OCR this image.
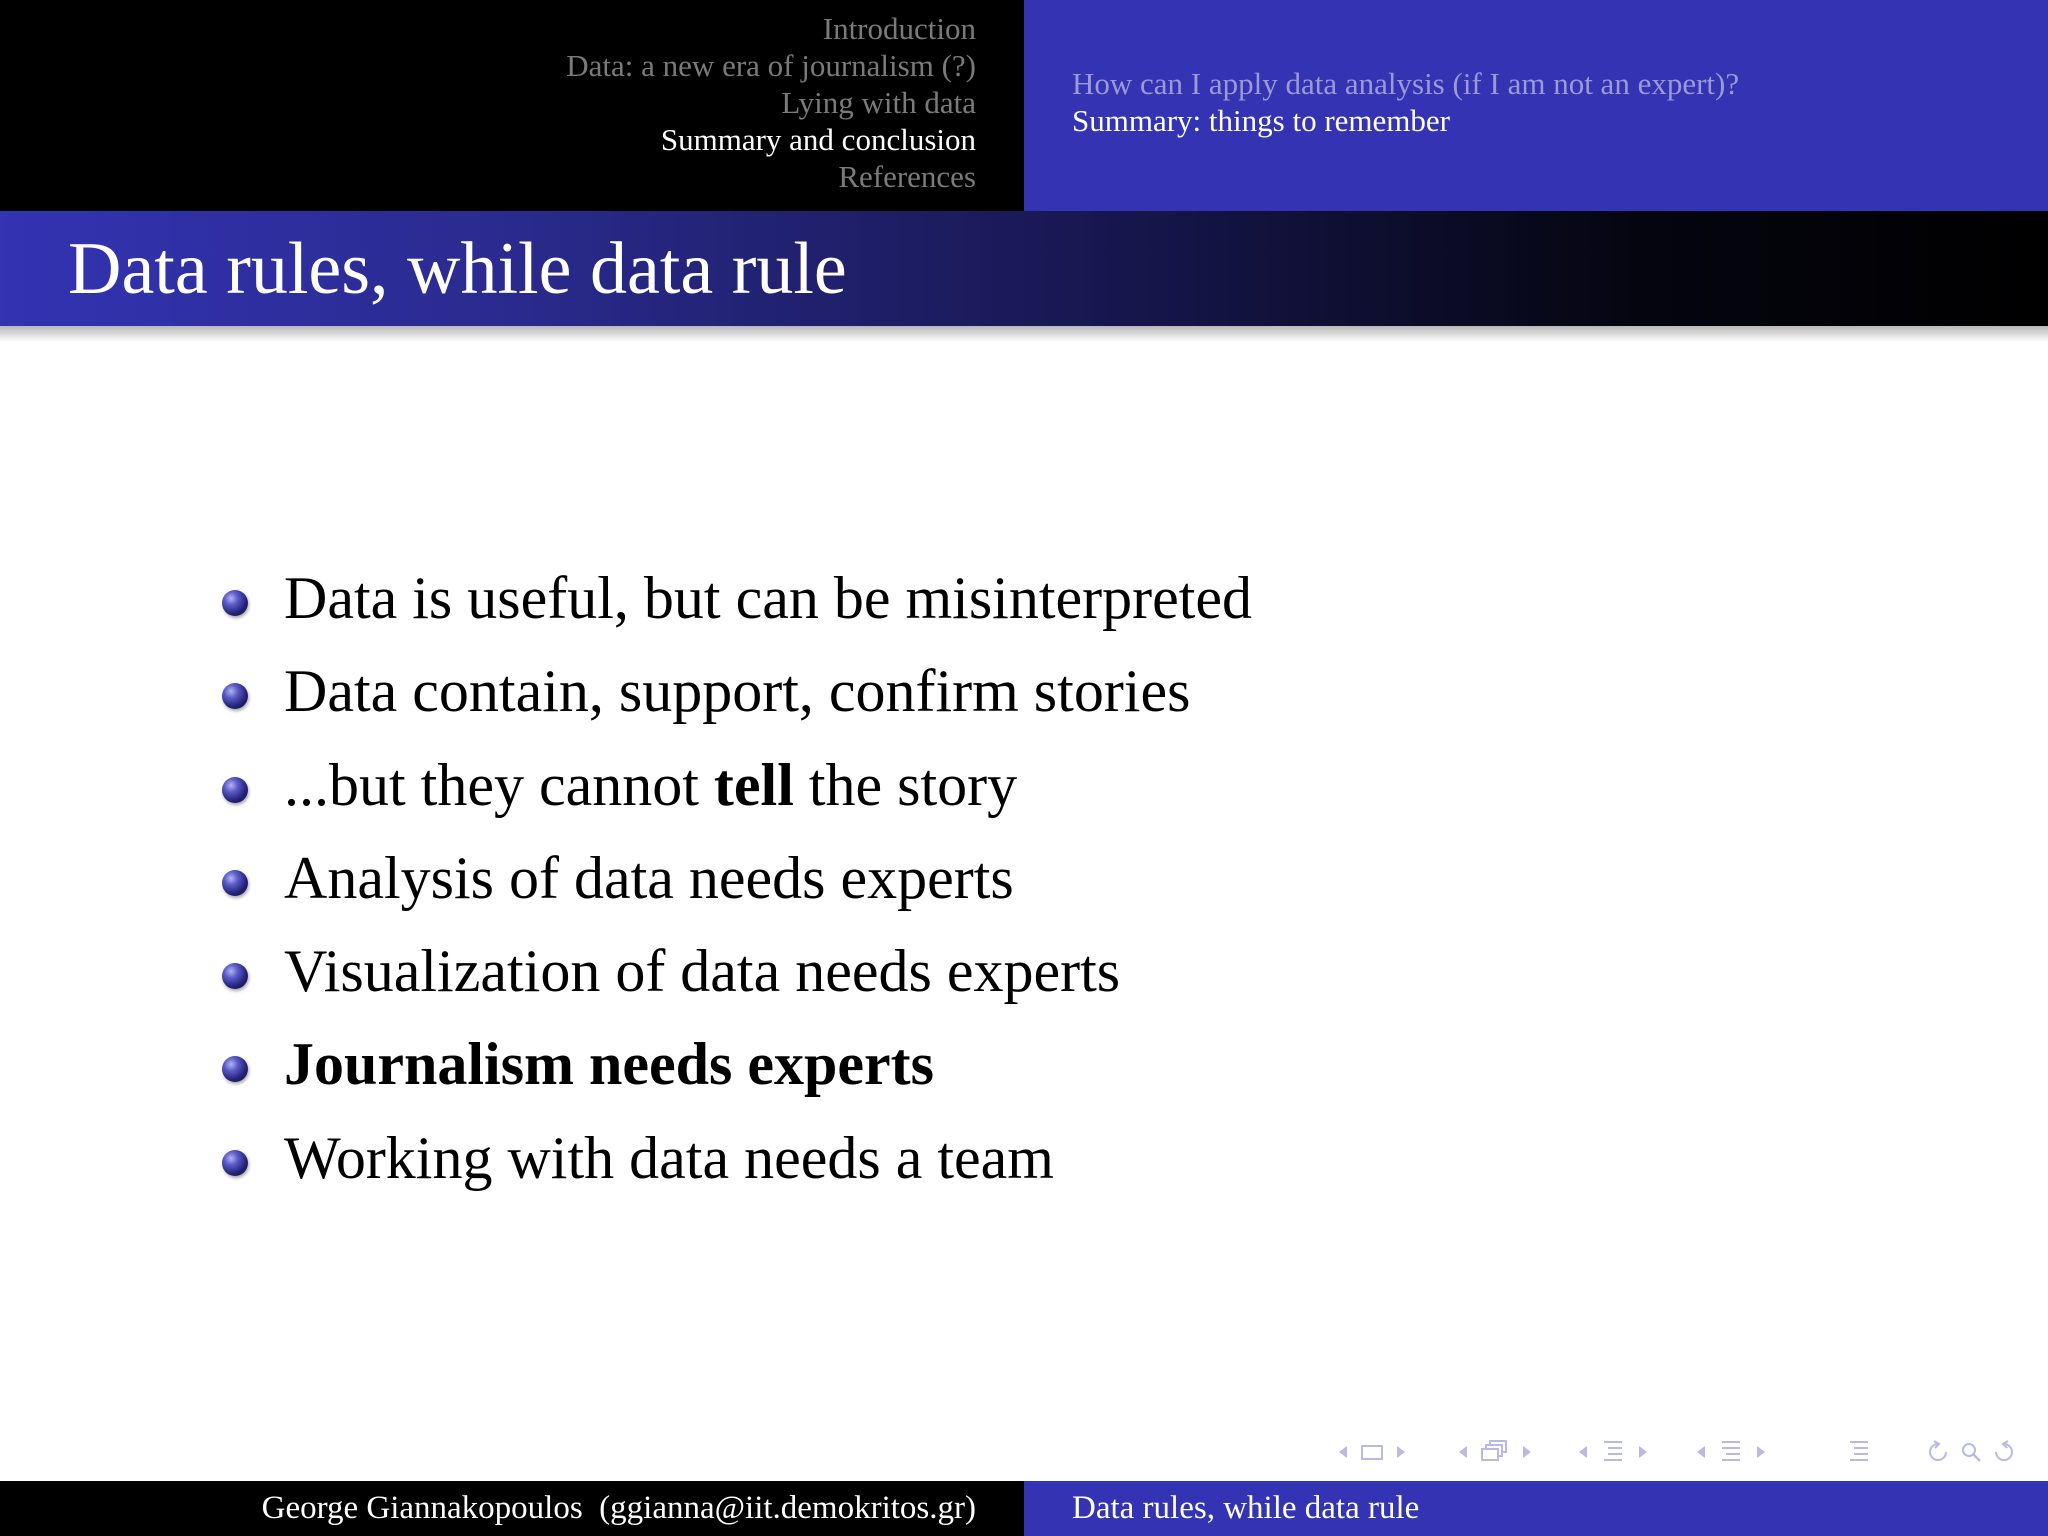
Introduction
Data: a new era of journalism (?)
Lying with data
Summary and conclusion
References
How can I apply data analysis (if I am not an expert)?
Summary: things to remember
Data rules, while data rule
Data is useful, but can be misinterpreted
Data contain, support, confirm stories
...but they cannot tell the story
Analysis of data needs experts
Visualization of data needs experts
Journalism needs experts
Working with data needs a team
George Giannakopoulos  (ggianna@iit.demokritos.gr)	Data rules, while data rule
